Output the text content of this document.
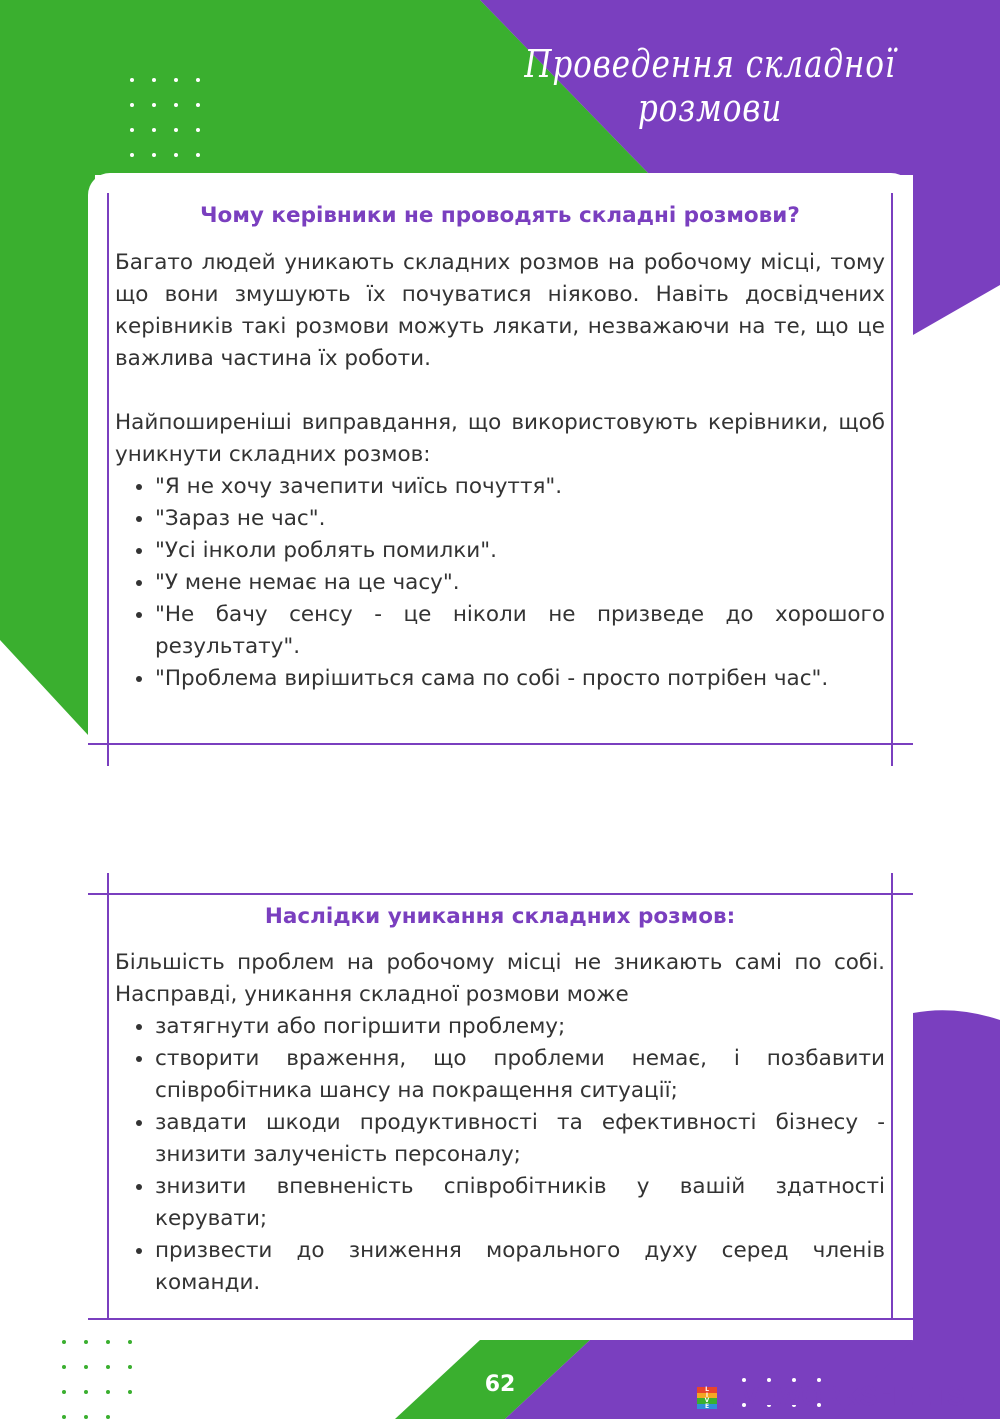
Проведення складної розмови
Чому керівники не проводять складні розмови?
Багато людей уникають складних розмов на робочому місці, тому що вони змушують їх почуватися ніяково. Навіть досвідчених керівників такі розмови можуть лякати, незважаючи на те, що це важлива частина їх роботи.
Найпоширеніші виправдання, що використовують керівники, щоб уникнути складних розмов:
• "Я не хочу зачепити чиїсь почуття".
• "Зараз не час".
• "Усі інколи роблять помилки".
• "У мене немає на це часу".
• "Не бачу сенсу - це ніколи не призведе до хорошого результату".
• "Проблема вирішиться сама по собі - просто потрібен час".
Наслідки уникання складних розмов:
Більшість проблем на робочому місці не зникають самі по собі. Насправді, уникання складної розмови може
• затягнути або погіршити проблему;
• створити враження, що проблеми немає, і позбавити співробітника шансу на покращення ситуації;
• завдати шкоди продуктивності та ефективності бізнесу - знизити залученість персоналу;
• знизити впевненість співробітників у вашій здатності керувати;
• призвести до зниження морального духу серед членів команди.
62	L
I
V
E LIVEWORKSHEETS
